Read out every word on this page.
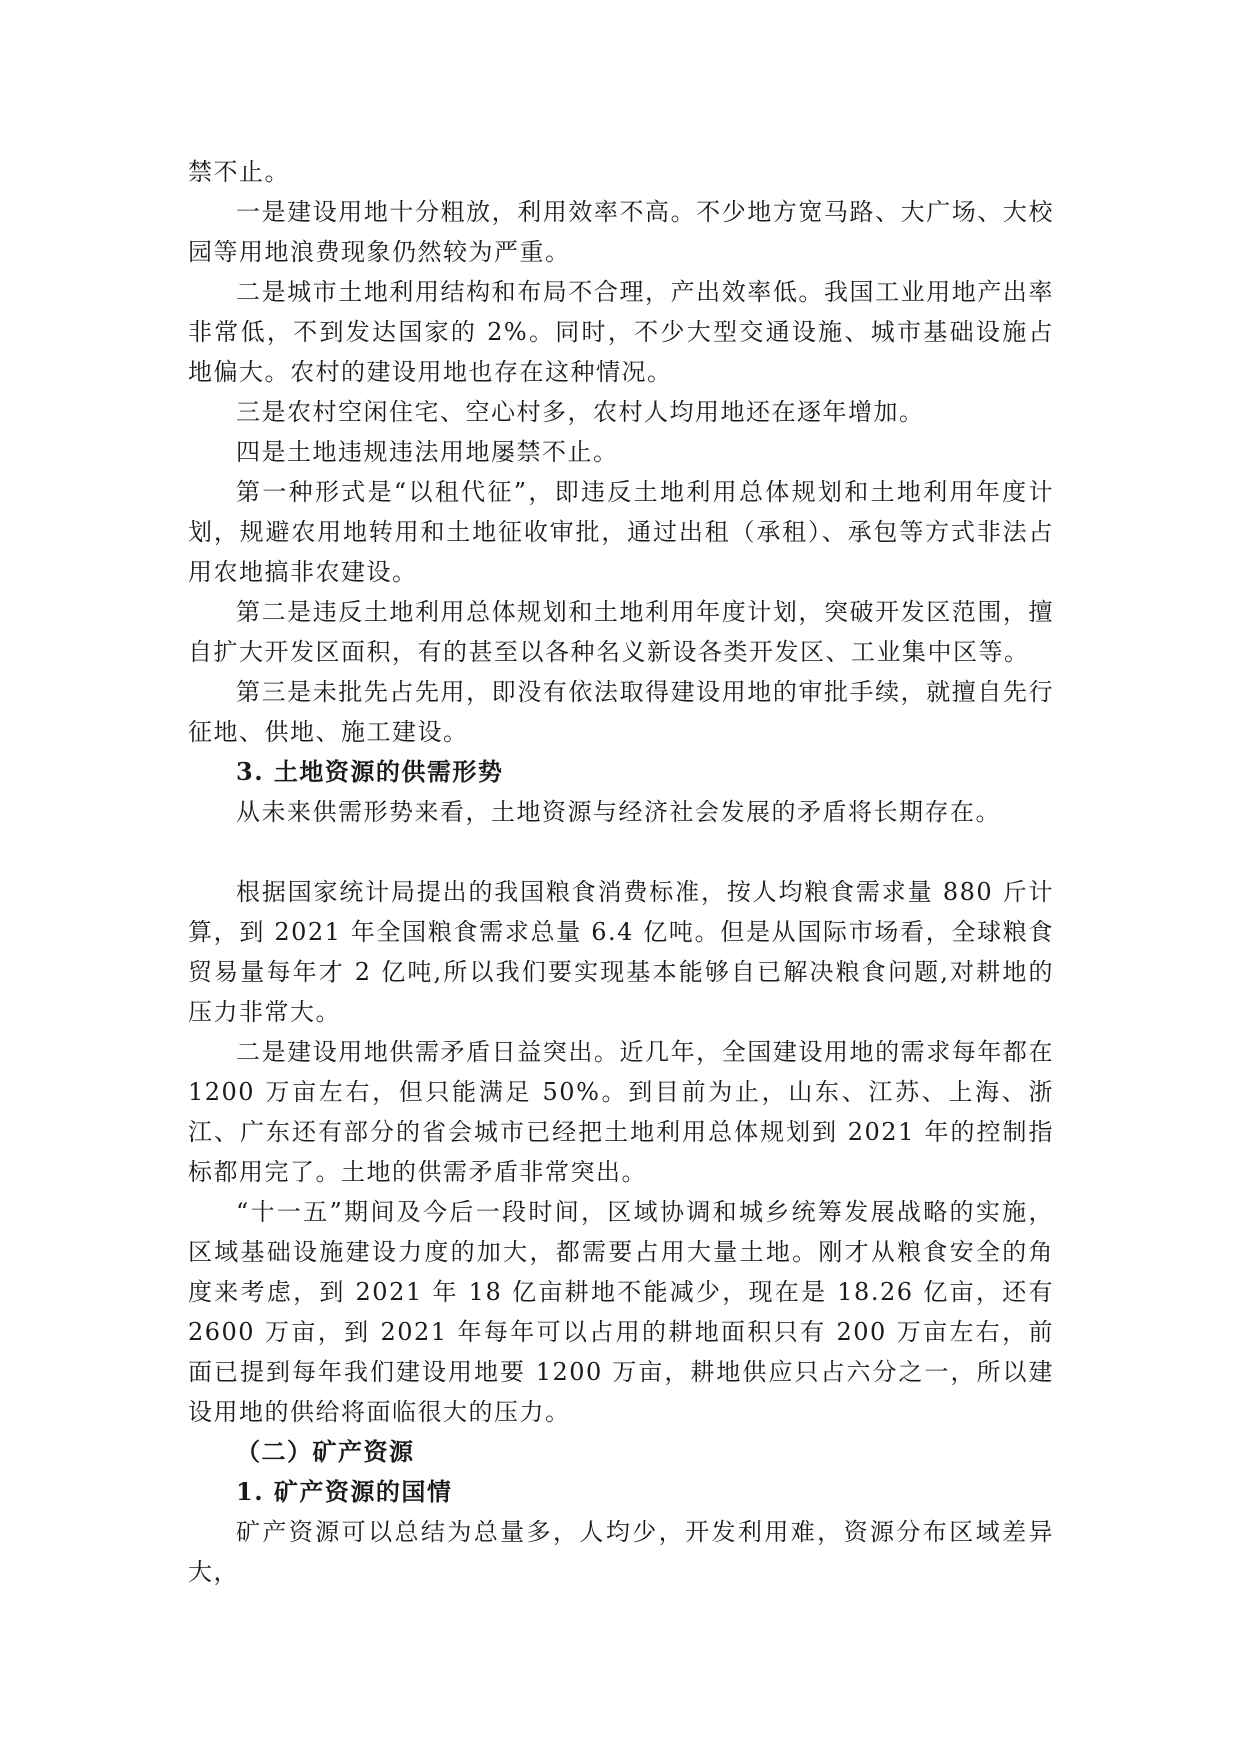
禁不止。

一是建设用地十分粗放，利用效率不高。不少地方宽马路、大广场、大校园等用地浪费现象仍然较为严重。

二是城市土地利用结构和布局不合理，产出效率低。我国工业用地产出率非常低，不到发达国家的 2%。同时，不少大型交通设施、城市基础设施占地偏大。农村的建设用地也存在这种情况。

三是农村空闲住宅、空心村多，农村人均用地还在逐年增加。

四是土地违规违法用地屡禁不止。

第一种形式是“以租代征”，即违反土地利用总体规划和土地利用年度计划，规避农用地转用和土地征收审批，通过出租（承租）、承包等方式非法占用农地搞非农建设。

第二是违反土地利用总体规划和土地利用年度计划，突破开发区范围，擅自扩大开发区面积，有的甚至以各种名义新设各类开发区、工业集中区等。

第三是未批先占先用，即没有依法取得建设用地的审批手续，就擅自先行征地、供地、施工建设。

3. 土地资源的供需形势

从未来供需形势来看，土地资源与经济社会发展的矛盾将长期存在。

根据国家统计局提出的我国粮食消费标准，按人均粮食需求量 880 斤计算，到 2021 年全国粮食需求总量 6.4 亿吨。但是从国际市场看，全球粮食贸易量每年才 2 亿吨,所以我们要实现基本能够自已解决粮食问题,对耕地的压力非常大。

二是建设用地供需矛盾日益突出。近几年，全国建设用地的需求每年都在 1200 万亩左右，但只能满足 50%。到目前为止，山东、江苏、上海、浙江、广东还有部分的省会城市已经把土地利用总体规划到 2021 年的控制指标都用完了。土地的供需矛盾非常突出。

“十一五”期间及今后一段时间，区域协调和城乡统筹发展战略的实施，区域基础设施建设力度的加大，都需要占用大量土地。刚才从粮食安全的角度来考虑，到 2021 年 18 亿亩耕地不能减少，现在是 18.26 亿亩，还有 2600 万亩，到 2021 年每年可以占用的耕地面积只有 200 万亩左右，前面已提到每年我们建设用地要 1200 万亩，耕地供应只占六分之一，所以建设用地的供给将面临很大的压力。

（二）矿产资源

1. 矿产资源的国情

矿产资源可以总结为总量多，人均少，开发利用难，资源分布区域差异大，
